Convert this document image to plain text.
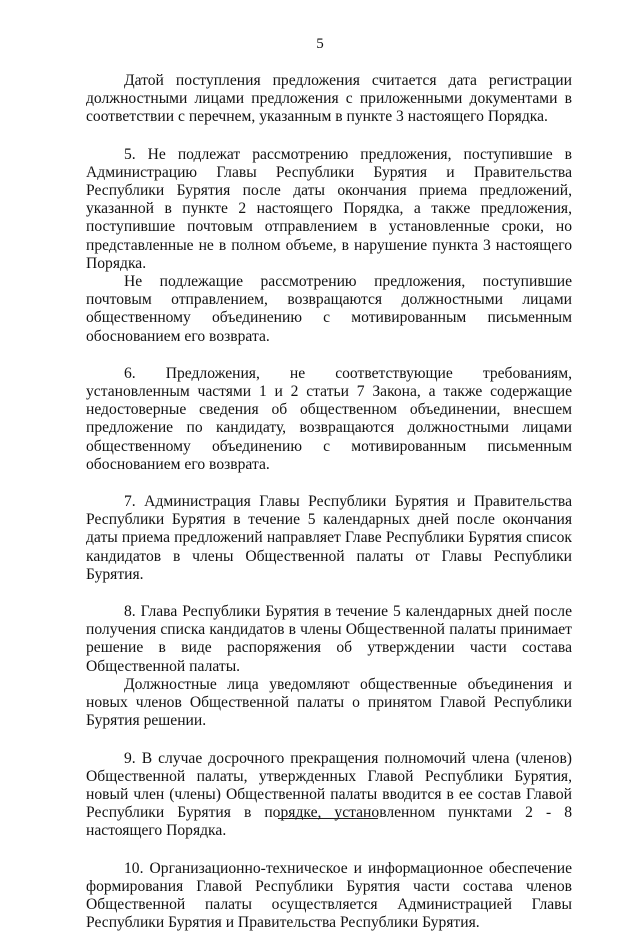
5

Датой поступления предложения считается дата регистрации должностными лицами предложения с приложенными документами в соответствии с перечнем, указанным в пункте 3 настоящего Порядка.

5. Не подлежат рассмотрению предложения, поступившие в Администрацию Главы Республики Бурятия и Правительства Республики Бурятия после даты окончания приема предложений, указанной в пункте 2 настоящего Порядка, а также предложения, поступившие почтовым отправлением в установленные сроки, но представленные не в полном объеме, в нарушение пункта 3 настоящего Порядка.

Не подлежащие рассмотрению предложения, поступившие почтовым отправлением, возвращаются должностными лицами общественному объединению с мотивированным письменным обоснованием его возврата.

6. Предложения, не соответствующие требованиям, установленным частями 1 и 2 статьи 7 Закона, а также содержащие недостоверные сведения об общественном объединении, внесшем предложение по кандидату, возвращаются должностными лицами общественному объединению с мотивированным письменным обоснованием его возврата.

7. Администрация Главы Республики Бурятия и Правительства Республики Бурятия в течение 5 календарных дней после окончания даты приема предложений направляет Главе Республики Бурятия список кандидатов в члены Общественной палаты от Главы Республики Бурятия.

8. Глава Республики Бурятия в течение 5 календарных дней после получения списка кандидатов в члены Общественной палаты принимает решение в виде распоряжения об утверждении части состава Общественной палаты.

Должностные лица уведомляют общественные объединения и новых членов Общественной палаты о принятом Главой Республики Бурятия решении.

9. В случае досрочного прекращения полномочий члена (членов) Общественной палаты, утвержденных Главой Республики Бурятия, новый член (члены) Общественной палаты вводится в ее состав Главой Республики Бурятия в порядке, установленном пунктами 2 - 8 настоящего Порядка.

10. Организационно-техническое и информационное обеспечение формирования Главой Республики Бурятия части состава членов Общественной палаты осуществляется Администрацией Главы Республики Бурятия и Правительства Республики Бурятия.
